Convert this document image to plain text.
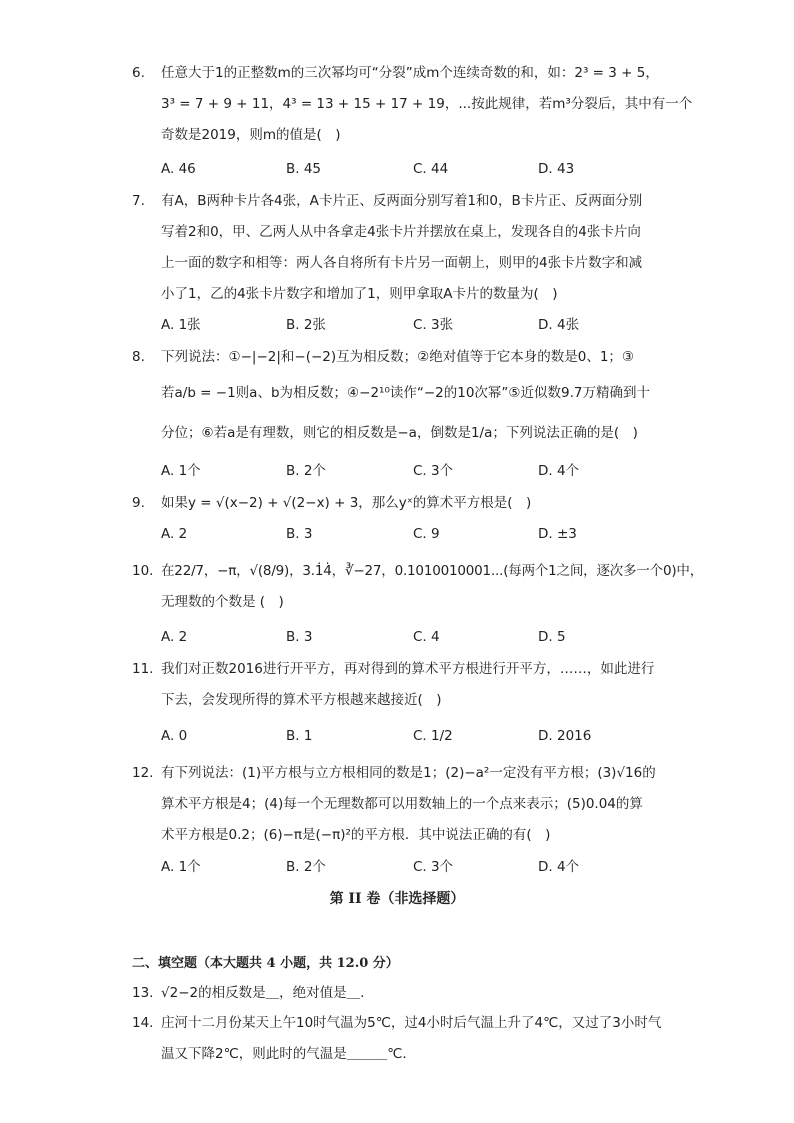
6.	任意大于1的正整数m的三次幂均可“分裂”成m个连续奇数的和，如：2³ = 3 + 5，
3³ = 7 + 9 + 11，4³ = 13 + 15 + 17 + 19，...按此规律，若m³分裂后，其中有一个
奇数是2019，则m的值是(　)
A. 46	B. 45	C. 44	D. 43
7.	有A，B两种卡片各4张，A卡片正、反两面分别写着1和0，B卡片正、反两面分别
写着2和0，甲、乙两人从中各拿走4张卡片并摆放在桌上，发现各自的4张卡片向
上一面的数字和相等：两人各自将所有卡片另一面朝上，则甲的4张卡片数字和减
小了1，乙的4张卡片数字和增加了1，则甲拿取A卡片的数量为(　)
A. 1张	B. 2张	C. 3张	D. 4张
8.	下列说法：①−|−2|和−(−2)互为相反数；②绝对值等于它本身的数是0、1；③
若a/b = −1则a、b为相反数；④−2¹⁰读作“−2的10次幂”⑤近似数9.7万精确到十
分位；⑥若a是有理数，则它的相反数是−a，倒数是1/a；下列说法正确的是(　)
A. 1个	B. 2个	C. 3个	D. 4个
9.	如果y = √(x−2) + √(2−x) + 3，那么yˣ的算术平方根是(　)
A. 2	B. 3	C. 9	D. ±3
10. 在22/7，−π，√(8/9)，3.1̇4̇，∛−27，0.1010010001...(每两个1之间，逐次多一个0)中，
无理数的个数是 (　)
A. 2	B. 3	C. 4	D. 5
11. 我们对正数2016进行开平方，再对得到的算术平方根进行开平方，……，如此进行
下去，会发现所得的算术平方根越来越接近(　)
A. 0	B. 1	C. 1/2	D. 2016
12. 有下列说法：(1)平方根与立方根相同的数是1；(2)−a²一定没有平方根；(3)√16的
算术平方根是4；(4)每一个无理数都可以用数轴上的一个点来表示；(5)0.04的算
术平方根是0.2；(6)−π是(−π)²的平方根．其中说法正确的有(　)
A. 1个	B. 2个	C. 3个	D. 4个
第 II 卷（非选择题）
二、填空题（本大题共 4 小题，共 12.0 分）
13. √2−2的相反数是＿，绝对值是＿.
14. 庄河十二月份某天上午10时气温为5℃，过4小时后气温上升了4℃，又过了3小时气
温又下降2℃，则此时的气温是＿＿＿℃.
